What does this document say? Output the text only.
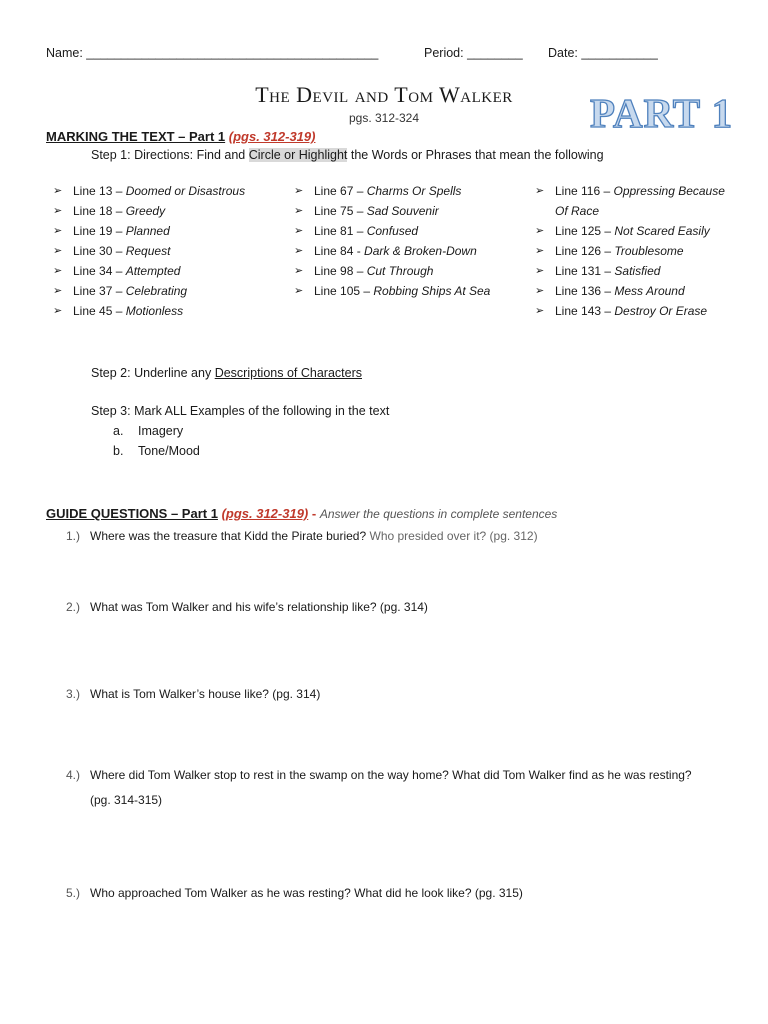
Name: __________________________________________	Period: ________ Date: ___________
The Devil and Tom Walker
pgs. 312-324	PART 1
MARKING THE TEXT – Part 1 (pgs. 312-319)
Step 1: Directions: Find and Circle or Highlight the Words or Phrases that mean the following
➢ Line 13 – Doomed or Disastrous
➢ Line 18 – Greedy
➢ Line 19 – Planned
➢ Line 30 – Request
➢ Line 34 – Attempted
➢ Line 37 – Celebrating
➢ Line 45 – Motionless
➢ Line 67 – Charms Or Spells
➢ Line 75 – Sad Souvenir
➢ Line 81 – Confused
➢ Line 84 - Dark & Broken-Down
➢ Line 98 – Cut Through
➢ Line 105 – Robbing Ships At Sea
➢ Line 116 – Oppressing Because Of Race
➢ Line 125 – Not Scared Easily
➢ Line 126 – Troublesome
➢ Line 131 – Satisfied
➢ Line 136 – Mess Around
➢ Line 143 – Destroy Or Erase
Step 2: Underline any Descriptions of Characters
Step 3: Mark ALL Examples of the following in the text
a. Imagery
b. Tone/Mood
GUIDE QUESTIONS – Part 1 (pgs. 312-319) - Answer the questions in complete sentences
1.) Where was the treasure that Kidd the Pirate buried? Who presided over it? (pg. 312)
2.) What was Tom Walker and his wife’s relationship like? (pg. 314)
3.) What is Tom Walker’s house like? (pg. 314)
4.) Where did Tom Walker stop to rest in the swamp on the way home? What did Tom Walker find as he was resting? (pg. 314-315)
5.) Who approached Tom Walker as he was resting? What did he look like? (pg. 315)
